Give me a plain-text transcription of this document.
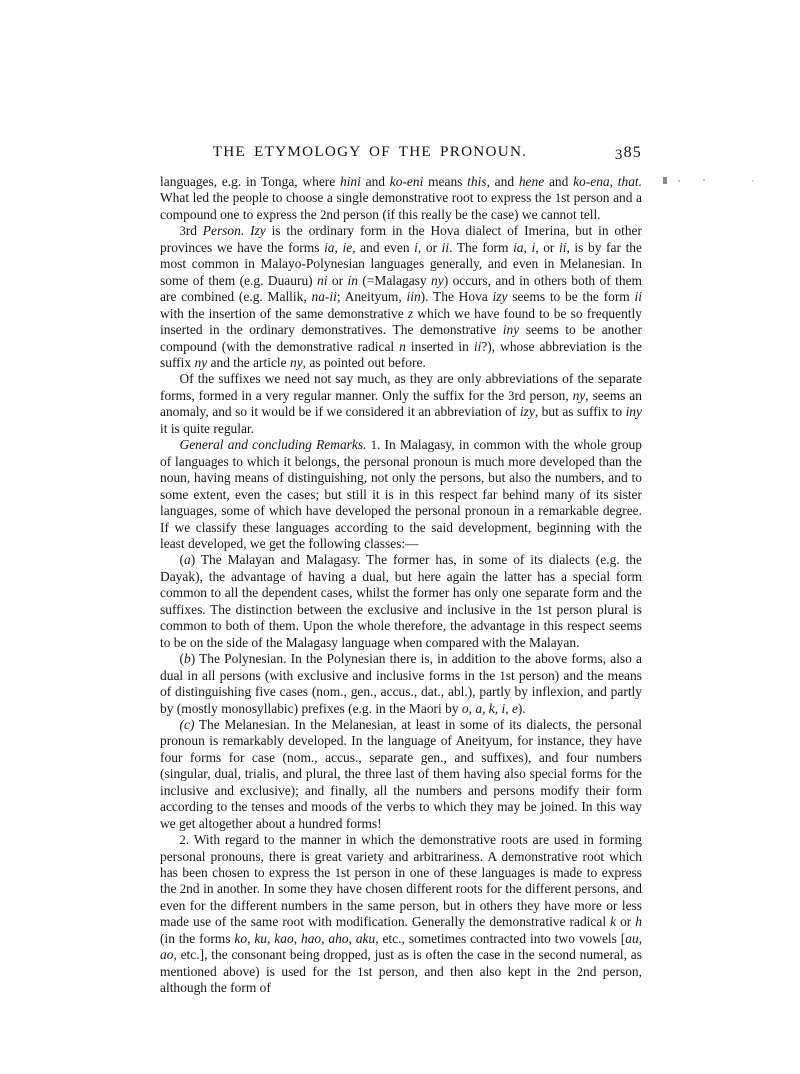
THE ETYMOLOGY OF THE PRONOUN.	385

languages, e.g. in Tonga, where hini and ko-eni means this, and hene and ko-ena, that. What led the people to choose a single demonstrative root to express the 1st person and a compound one to express the 2nd person (if this really be the case) we cannot tell.

3rd Person. Izy is the ordinary form in the Hova dialect of Imerina, but in other provinces we have the forms ia, ie, and even i, or ii. The form ia, i, or ii, is by far the most common in Malayo-Polynesian languages generally, and even in Melanesian. In some of them (e.g. Duauru) ni or in (=Malagasy ny) occurs, and in others both of them are combined (e.g. Mallik, na-ii; Aneityum, iin). The Hova izy seems to be the form ii with the insertion of the same demonstrative z which we have found to be so frequently inserted in the ordinary demonstratives. The demonstrative iny seems to be another compound (with the demonstrative radical n inserted in ii?), whose abbreviation is the suffix ny and the article ny, as pointed out before.

Of the suffixes we need not say much, as they are only abbreviations of the separate forms, formed in a very regular manner. Only the suffix for the 3rd person, ny, seems an anomaly, and so it would be if we considered it an abbreviation of izy, but as suffix to iny it is quite regular.

General and concluding Remarks. 1. In Malagasy, in common with the whole group of languages to which it belongs, the personal pronoun is much more developed than the noun, having means of distinguishing, not only the persons, but also the numbers, and to some extent, even the cases; but still it is in this respect far behind many of its sister languages, some of which have developed the personal pronoun in a remarkable degree. If we classify these languages according to the said development, beginning with the least developed, we get the following classes:—

(a) The Malayan and Malagasy. The former has, in some of its dialects (e.g. the Dayak), the advantage of having a dual, but here again the latter has a special form common to all the dependent cases, whilst the former has only one separate form and the suffixes. The distinction between the exclusive and inclusive in the 1st person plural is common to both of them. Upon the whole therefore, the advantage in this respect seems to be on the side of the Malagasy language when compared with the Malayan.

(b) The Polynesian. In the Polynesian there is, in addition to the above forms, also a dual in all persons (with exclusive and inclusive forms in the 1st person) and the means of distinguishing five cases (nom., gen., accus., dat., abl.), partly by inflexion, and partly by (mostly monosyllabic) prefixes (e.g. in the Maori by o, a, k, i, e).

(c) The Melanesian. In the Melanesian, at least in some of its dialects, the personal pronoun is remarkably developed. In the language of Aneityum, for instance, they have four forms for case (nom., accus., separate gen., and suffixes), and four numbers (singular, dual, trialis, and plural, the three last of them having also special forms for the inclusive and exclusive); and finally, all the numbers and persons modify their form according to the tenses and moods of the verbs to which they may be joined. In this way we get altogether about a hundred forms!

2. With regard to the manner in which the demonstrative roots are used in forming personal pronouns, there is great variety and arbitrariness. A demonstrative root which has been chosen to express the 1st person in one of these languages is made to express the 2nd in another. In some they have chosen different roots for the different persons, and even for the different numbers in the same person, but in others they have more or less made use of the same root with modification. Generally the demonstrative radical k or h (in the forms ko, ku, kao, hao, aho, aku, etc., sometimes contracted into two vowels [au, ao, etc.], the consonant being dropped, just as is often the case in the second numeral, as mentioned above) is used for the 1st person, and then also kept in the 2nd person, although the form of
